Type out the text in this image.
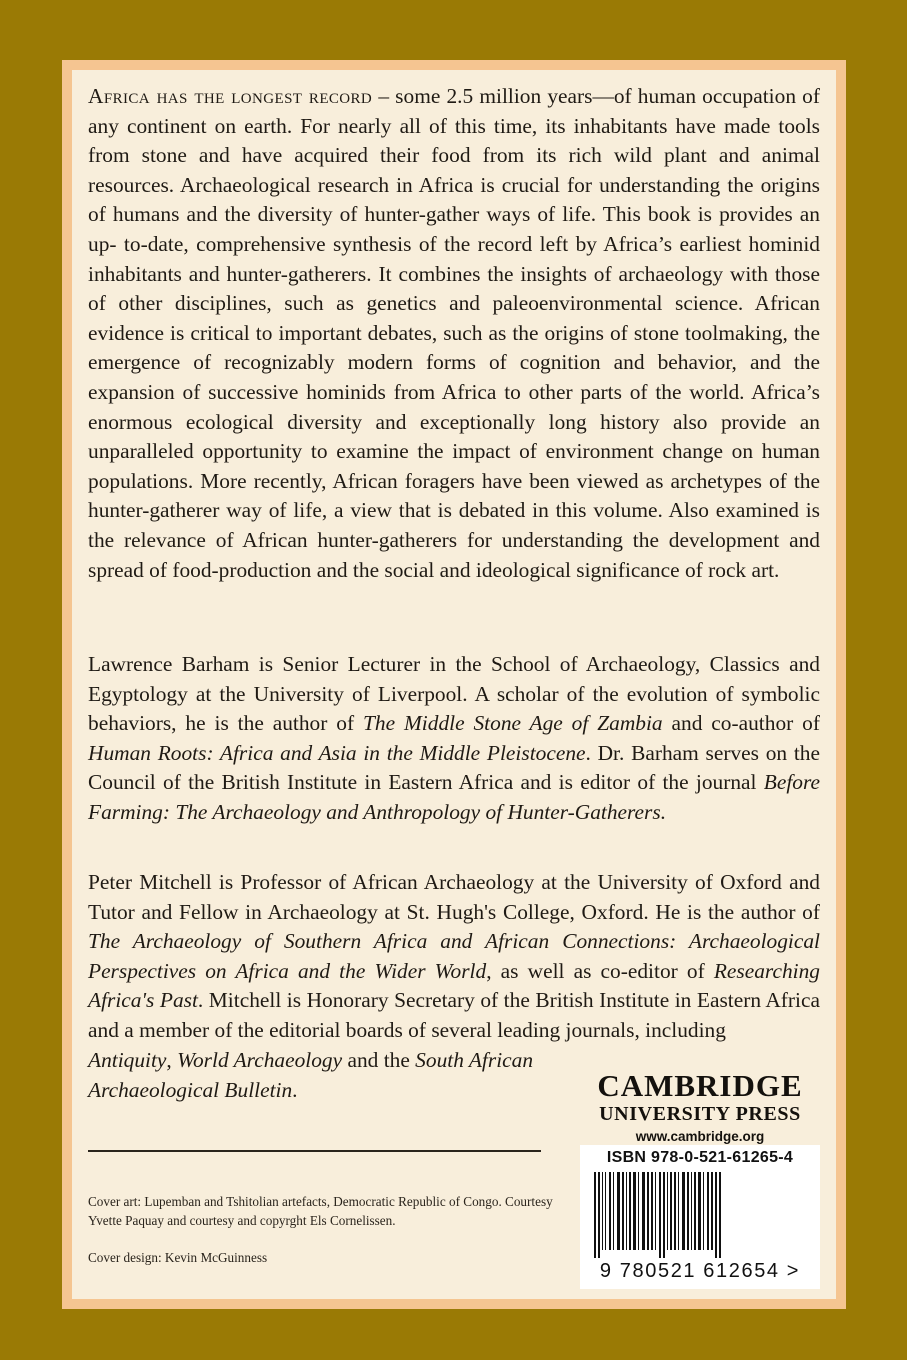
Africa has the longest record – some 2.5 million years—of human occupation of any continent on earth. For nearly all of this time, its inhabitants have made tools from stone and have acquired their food from its rich wild plant and animal resources. Archaeological research in Africa is crucial for understanding the origins of humans and the diversity of hunter-gather ways of life. This book is provides an up- to-date, comprehensive synthesis of the record left by Africa’s earliest hominid inhabitants and hunter-gatherers. It combines the insights of archaeology with those of other disciplines, such as genetics and paleoenvironmental science. African evidence is critical to important debates, such as the origins of stone toolmaking, the emergence of recognizably modern forms of cognition and behavior, and the expansion of successive hominids from Africa to other parts of the world. Africa’s enormous ecological diversity and exceptionally long history also provide an unparalleled opportunity to examine the impact of environment change on human populations. More recently, African foragers have been viewed as archetypes of the hunter-gatherer way of life, a view that is debated in this volume. Also examined is the relevance of African hunter-gatherers for understanding the development and spread of food-production and the social and ideological significance of rock art.

Lawrence Barham is Senior Lecturer in the School of Archaeology, Classics and Egyptology at the University of Liverpool. A scholar of the evolution of symbolic behaviors, he is the author of The Middle Stone Age of Zambia and co-author of Human Roots: Africa and Asia in the Middle Pleistocene. Dr. Barham serves on the Council of the British Institute in Eastern Africa and is editor of the journal Before Farming: The Archaeology and Anthropology of Hunter-Gatherers.

Peter Mitchell is Professor of African Archaeology at the University of Oxford and Tutor and Fellow in Archaeology at St. Hugh's College, Oxford. He is the author of The Archaeology of Southern Africa and African Connections: Archaeological Perspectives on Africa and the Wider World, as well as co-editor of Researching Africa's Past. Mitchell is Honorary Secretary of the British Institute in Eastern Africa and a member of the editorial boards of several leading journals, including

Antiquity, World Archaeology and the South African Archaeological Bulletin.

Cover art: Lupemban and Tshitolian artefacts, Democratic Republic of Congo. Courtesy Yvette Paquay and courtesy and copyrght Els Cornelissen.

Cover design: Kevin McGuinness

CAMBRIDGE
UNIVERSITY PRESS
www.cambridge.org
ISBN 978-0-521-61265-4
9 780521 612654 >
